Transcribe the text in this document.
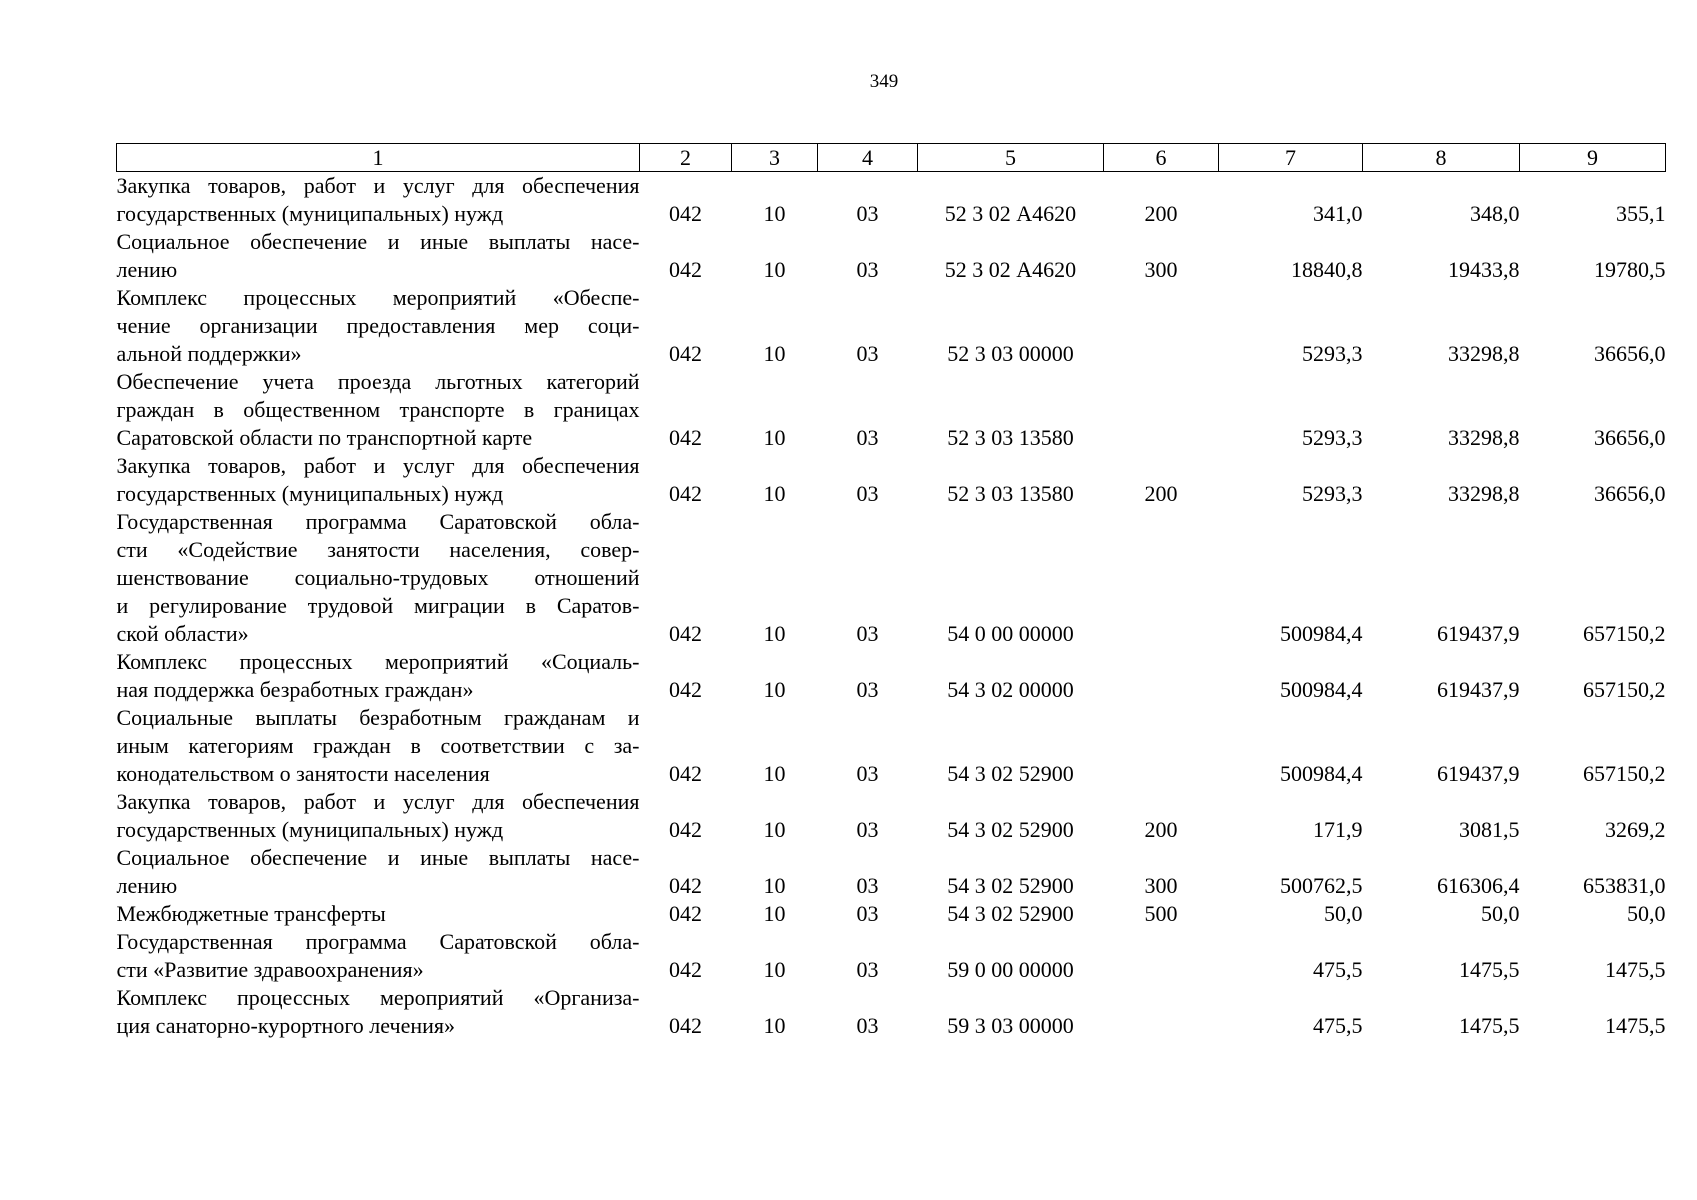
349
1	2	3	4	5	6	7	8	9

Закупка товаров, работ и услуг для обеспечения
государственных (муниципальных) нужд	042	10	03	52 3 02 А4620	200	341,0	348,0	355,1

Социальное обеспечение и иные выплаты насе-
лению	042	10	03	52 3 02 А4620	300	18840,8	19433,8	19780,5

Комплекс процессных мероприятий «Обеспе-
чение организации предоставления мер соци-
альной поддержки»	042	10	03	52 3 03 00000		5293,3	33298,8	36656,0

Обеспечение учета проезда льготных категорий
граждан в общественном транспорте в границах
Саратовской области по транспортной карте	042	10	03	52 3 03 13580		5293,3	33298,8	36656,0

Закупка товаров, работ и услуг для обеспечения
государственных (муниципальных) нужд	042	10	03	52 3 03 13580	200	5293,3	33298,8	36656,0

Государственная программа Саратовской обла-
сти «Содействие занятости населения, совер-
шенствование социально-трудовых отношений
и регулирование трудовой миграции в Саратов-
ской области»	042	10	03	54 0 00 00000		500984,4	619437,9	657150,2

Комплекс процессных мероприятий «Социаль-
ная поддержка безработных граждан»	042	10	03	54 3 02 00000		500984,4	619437,9	657150,2

Социальные выплаты безработным гражданам и
иным категориям граждан в соответствии с за-
конодательством о занятости населения	042	10	03	54 3 02 52900		500984,4	619437,9	657150,2

Закупка товаров, работ и услуг для обеспечения
государственных (муниципальных) нужд	042	10	03	54 3 02 52900	200	171,9	3081,5	3269,2

Социальное обеспечение и иные выплаты насе-
лению	042	10	03	54 3 02 52900	300	500762,5	616306,4	653831,0

Межбюджетные трансферты	042	10	03	54 3 02 52900	500	50,0	50,0	50,0

Государственная программа Саратовской обла-
сти «Развитие здравоохранения»	042	10	03	59 0 00 00000		475,5	1475,5	1475,5

Комплекс процессных мероприятий «Организа-
ция санаторно-курортного лечения»	042	10	03	59 3 03 00000		475,5	1475,5	1475,5
